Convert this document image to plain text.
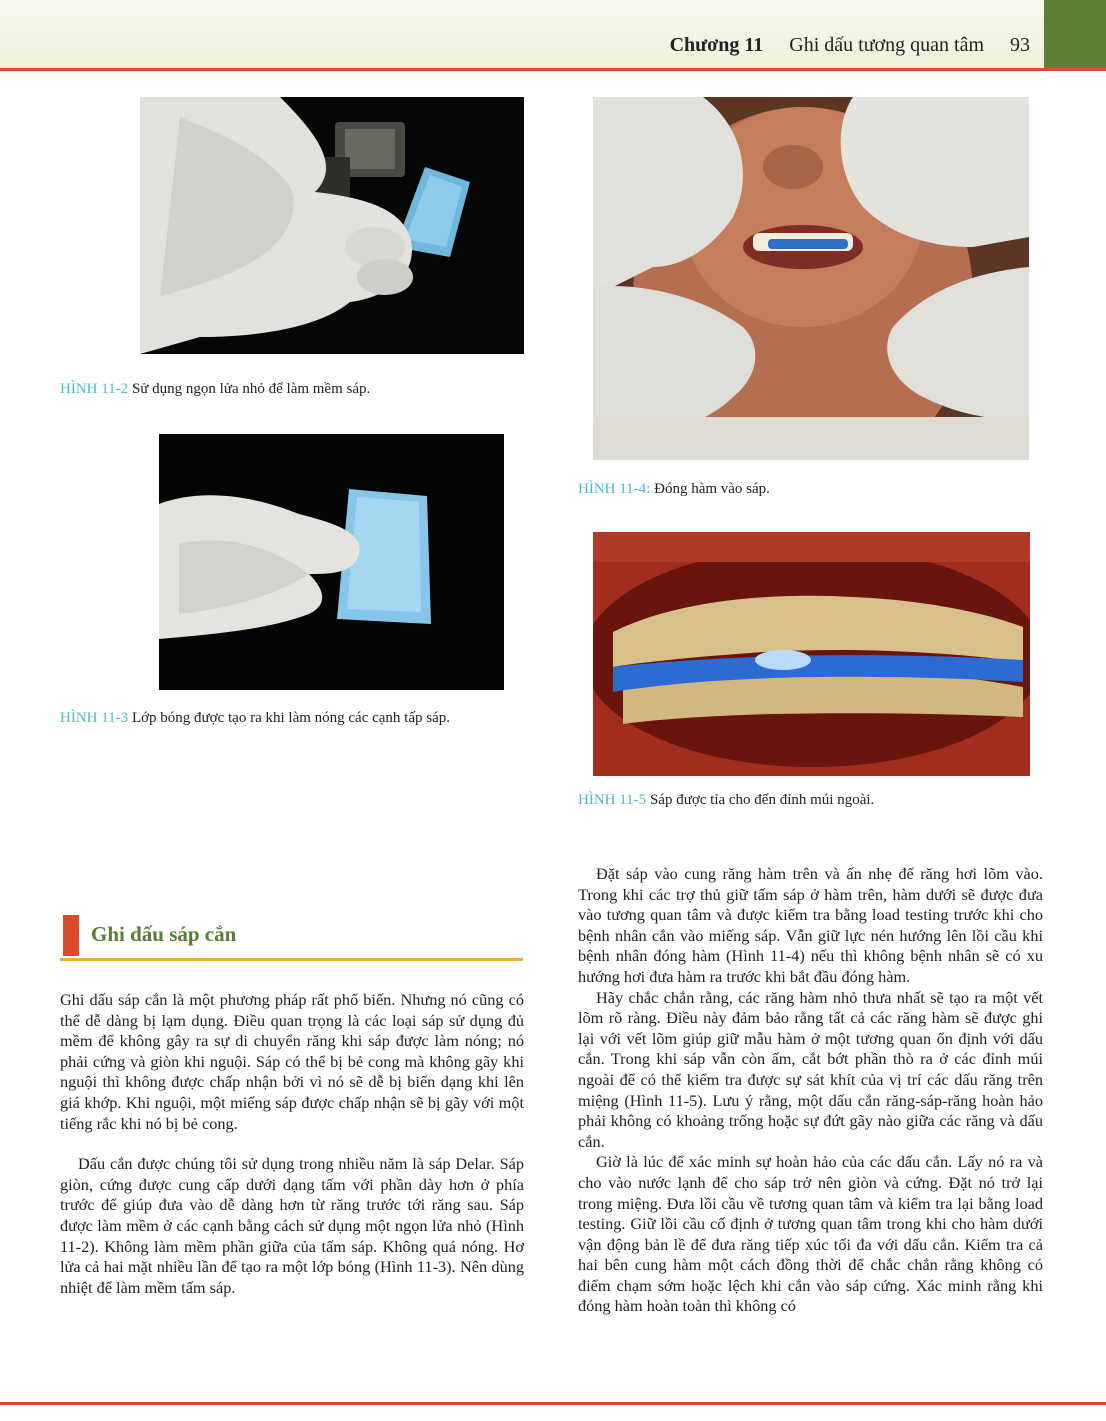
Chương 11 Ghi dấu tương quan tâm 93
HÌNH 11-2 Sử dụng ngọn lửa nhỏ để làm mềm sáp.
HÌNH 11-3 Lớp bóng được tạo ra khi làm nóng các cạnh tấp sáp.
HÌNH 11-4: Đóng hàm vào sáp.
HÌNH 11-5 Sáp được tỉa cho đến đỉnh múi ngoài.
Ghi dấu sáp cắn

Ghi dấu sáp cắn là một phương pháp rất phổ biến. Nhưng nó cũng có thể dễ dàng bị lạm dụng. Điều quan trọng là các loại sáp sử dụng đủ mềm để không gây ra sự di chuyển răng khi sáp được làm nóng; nó phải cứng và giòn khi nguội. Sáp có thể bị bẻ cong mà không gãy khi nguội thì không được chấp nhận bởi vì nó sẽ dễ bị biến dạng khi lên giá khớp. Khi nguội, một miếng sáp được chấp nhận sẽ bị gãy với một tiếng rắc khi nó bị bẻ cong.

Dấu cắn được chúng tôi sử dụng trong nhiều năm là sáp Delar. Sáp giòn, cứng được cung cấp dưới dạng tấm với phần dày hơn ở phía trước để giúp đưa vào dễ dàng hơn từ răng trước tới răng sau. Sáp được làm mềm ở các cạnh bằng cách sử dụng một ngọn lửa nhỏ (Hình 11-2). Không làm mềm phần giữa của tấm sáp. Không quá nóng. Hơ lửa cả hai mặt nhiều lần để tạo ra một lớp bóng (Hình 11-3). Nên dùng nhiệt để làm mềm tấm sáp.

Đặt sáp vào cung răng hàm trên và ấn nhẹ để răng hơi lõm vào. Trong khi các trợ thủ giữ tấm sáp ở hàm trên, hàm dưới sẽ được đưa vào tương quan tâm và được kiểm tra bằng load testing trước khi cho bệnh nhân cắn vào miếng sáp. Vẫn giữ lực nén hướng lên lồi cầu khi bệnh nhân đóng hàm (Hình 11-4) nếu thì không bệnh nhân sẽ có xu hướng hơi đưa hàm ra trước khi bắt đầu đóng hàm.

Hãy chắc chắn rằng, các răng hàm nhỏ thưa nhất sẽ tạo ra một vết lõm rõ ràng. Điều này đảm bảo rằng tất cả các răng hàm sẽ được ghi lại với vết lõm giúp giữ mẫu hàm ở một tương quan ổn định với dấu cắn. Trong khi sáp vẫn còn ấm, cắt bớt phần thò ra ở các đỉnh múi ngoài để có thể kiểm tra được sự sát khít của vị trí các dấu răng trên miệng (Hình 11-5). Lưu ý rằng, một dấu cắn răng-sáp-răng hoàn hảo phải không có khoảng trống hoặc sự đứt gãy nào giữa các răng và dấu cắn.

Giờ là lúc để xác minh sự hoàn hảo của các dấu cắn. Lấy nó ra và cho vào nước lạnh để cho sáp trở nên giòn và cứng. Đặt nó trở lại trong miệng. Đưa lồi cầu về tương quan tâm và kiểm tra lại bằng load testing. Giữ lồi cầu cố định ở tương quan tâm trong khi cho hàm dưới vận động bản lề để đưa răng tiếp xúc tối đa với dấu cắn. Kiểm tra cả hai bên cung hàm một cách đồng thời để chắc chắn rằng không có điểm chạm sớm hoặc lệch khi cắn vào sáp cứng. Xác minh rằng khi đóng hàm hoàn toàn thì không có
